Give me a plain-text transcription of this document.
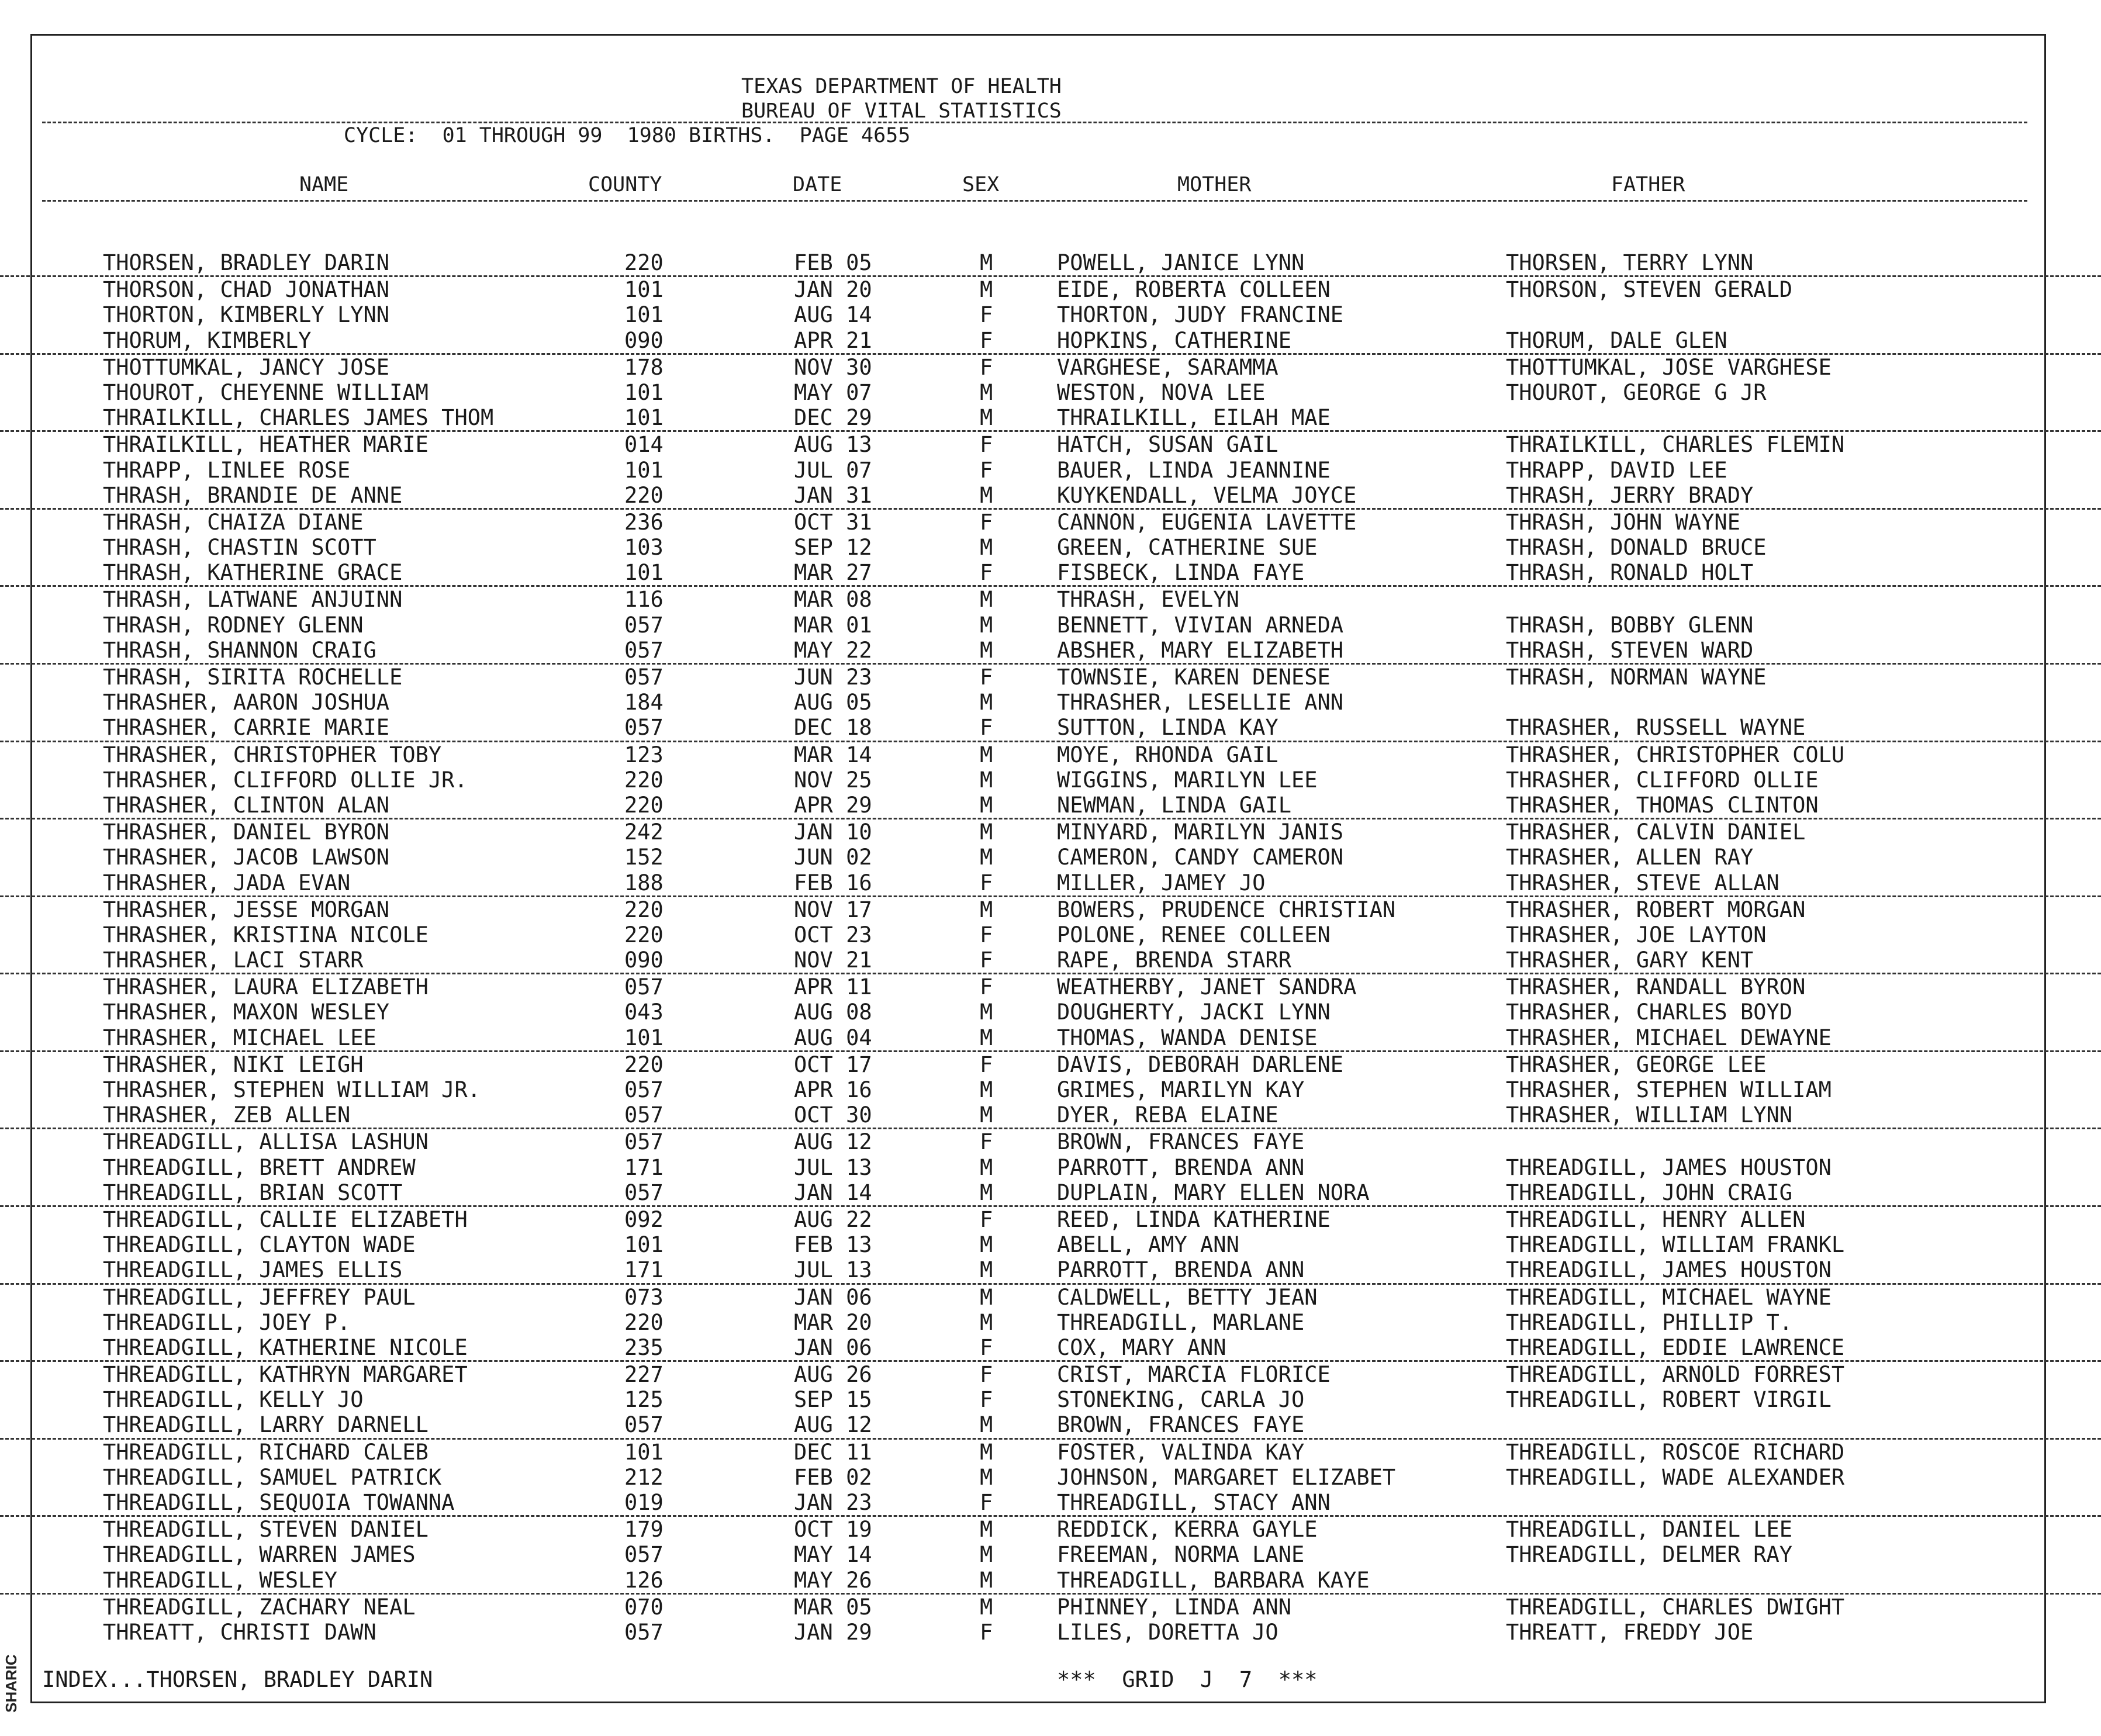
SHARIC
TEXAS DEPARTMENT OF HEALTH
BUREAU OF VITAL STATISTICS
CYCLE:  01 THROUGH 99  1980 BIRTHS.  PAGE 4655
NAME	COUNTY	DATE	SEX	MOTHER	FATHER
THORSEN, BRADLEY DARIN	220	FEB 05	M	POWELL, JANICE LYNN	THORSEN, TERRY LYNN
THORSON, CHAD JONATHAN	101	JAN 20	M	EIDE, ROBERTA COLLEEN	THORSON, STEVEN GERALD
THORTON, KIMBERLY LYNN	101	AUG 14	F	THORTON, JUDY FRANCINE
THORUM, KIMBERLY	090	APR 21	F	HOPKINS, CATHERINE	THORUM, DALE GLEN
THOTTUMKAL, JANCY JOSE	178	NOV 30	F	VARGHESE, SARAMMA	THOTTUMKAL, JOSE VARGHESE
THOUROT, CHEYENNE WILLIAM	101	MAY 07	M	WESTON, NOVA LEE	THOUROT, GEORGE G JR
THRAILKILL, CHARLES JAMES THOM	101	DEC 29	M	THRAILKILL, EILAH MAE
THRAILKILL, HEATHER MARIE	014	AUG 13	F	HATCH, SUSAN GAIL	THRAILKILL, CHARLES FLEMIN
THRAPP, LINLEE ROSE	101	JUL 07	F	BAUER, LINDA JEANNINE	THRAPP, DAVID LEE
THRASH, BRANDIE DE ANNE	220	JAN 31	M	KUYKENDALL, VELMA JOYCE	THRASH, JERRY BRADY
THRASH, CHAIZA DIANE	236	OCT 31	F	CANNON, EUGENIA LAVETTE	THRASH, JOHN WAYNE
THRASH, CHASTIN SCOTT	103	SEP 12	M	GREEN, CATHERINE SUE	THRASH, DONALD BRUCE
THRASH, KATHERINE GRACE	101	MAR 27	F	FISBECK, LINDA FAYE	THRASH, RONALD HOLT
THRASH, LATWANE ANJUINN	116	MAR 08	M	THRASH, EVELYN
THRASH, RODNEY GLENN	057	MAR 01	M	BENNETT, VIVIAN ARNEDA	THRASH, BOBBY GLENN
THRASH, SHANNON CRAIG	057	MAY 22	M	ABSHER, MARY ELIZABETH	THRASH, STEVEN WARD
THRASH, SIRITA ROCHELLE	057	JUN 23	F	TOWNSIE, KAREN DENESE	THRASH, NORMAN WAYNE
THRASHER, AARON JOSHUA	184	AUG 05	M	THRASHER, LESELLIE ANN
THRASHER, CARRIE MARIE	057	DEC 18	F	SUTTON, LINDA KAY	THRASHER, RUSSELL WAYNE
THRASHER, CHRISTOPHER TOBY	123	MAR 14	M	MOYE, RHONDA GAIL	THRASHER, CHRISTOPHER COLU
THRASHER, CLIFFORD OLLIE JR.	220	NOV 25	M	WIGGINS, MARILYN LEE	THRASHER, CLIFFORD OLLIE
THRASHER, CLINTON ALAN	220	APR 29	M	NEWMAN, LINDA GAIL	THRASHER, THOMAS CLINTON
THRASHER, DANIEL BYRON	242	JAN 10	M	MINYARD, MARILYN JANIS	THRASHER, CALVIN DANIEL
THRASHER, JACOB LAWSON	152	JUN 02	M	CAMERON, CANDY CAMERON	THRASHER, ALLEN RAY
THRASHER, JADA EVAN	188	FEB 16	F	MILLER, JAMEY JO	THRASHER, STEVE ALLAN
THRASHER, JESSE MORGAN	220	NOV 17	M	BOWERS, PRUDENCE CHRISTIAN	THRASHER, ROBERT MORGAN
THRASHER, KRISTINA NICOLE	220	OCT 23	F	POLONE, RENEE COLLEEN	THRASHER, JOE LAYTON
THRASHER, LACI STARR	090	NOV 21	F	RAPE, BRENDA STARR	THRASHER, GARY KENT
THRASHER, LAURA ELIZABETH	057	APR 11	F	WEATHERBY, JANET SANDRA	THRASHER, RANDALL BYRON
THRASHER, MAXON WESLEY	043	AUG 08	M	DOUGHERTY, JACKI LYNN	THRASHER, CHARLES BOYD
THRASHER, MICHAEL LEE	101	AUG 04	M	THOMAS, WANDA DENISE	THRASHER, MICHAEL DEWAYNE
THRASHER, NIKI LEIGH	220	OCT 17	F	DAVIS, DEBORAH DARLENE	THRASHER, GEORGE LEE
THRASHER, STEPHEN WILLIAM JR.	057	APR 16	M	GRIMES, MARILYN KAY	THRASHER, STEPHEN WILLIAM
THRASHER, ZEB ALLEN	057	OCT 30	M	DYER, REBA ELAINE	THRASHER, WILLIAM LYNN
THREADGILL, ALLISA LASHUN	057	AUG 12	F	BROWN, FRANCES FAYE
THREADGILL, BRETT ANDREW	171	JUL 13	M	PARROTT, BRENDA ANN	THREADGILL, JAMES HOUSTON
THREADGILL, BRIAN SCOTT	057	JAN 14	M	DUPLAIN, MARY ELLEN NORA	THREADGILL, JOHN CRAIG
THREADGILL, CALLIE ELIZABETH	092	AUG 22	F	REED, LINDA KATHERINE	THREADGILL, HENRY ALLEN
THREADGILL, CLAYTON WADE	101	FEB 13	M	ABELL, AMY ANN	THREADGILL, WILLIAM FRANKL
THREADGILL, JAMES ELLIS	171	JUL 13	M	PARROTT, BRENDA ANN	THREADGILL, JAMES HOUSTON
THREADGILL, JEFFREY PAUL	073	JAN 06	M	CALDWELL, BETTY JEAN	THREADGILL, MICHAEL WAYNE
THREADGILL, JOEY P.	220	MAR 20	M	THREADGILL, MARLANE	THREADGILL, PHILLIP T.
THREADGILL, KATHERINE NICOLE	235	JAN 06	F	COX, MARY ANN	THREADGILL, EDDIE LAWRENCE
THREADGILL, KATHRYN MARGARET	227	AUG 26	F	CRIST, MARCIA FLORICE	THREADGILL, ARNOLD FORREST
THREADGILL, KELLY JO	125	SEP 15	F	STONEKING, CARLA JO	THREADGILL, ROBERT VIRGIL
THREADGILL, LARRY DARNELL	057	AUG 12	M	BROWN, FRANCES FAYE
THREADGILL, RICHARD CALEB	101	DEC 11	M	FOSTER, VALINDA KAY	THREADGILL, ROSCOE RICHARD
THREADGILL, SAMUEL PATRICK	212	FEB 02	M	JOHNSON, MARGARET ELIZABET	THREADGILL, WADE ALEXANDER
THREADGILL, SEQUOIA TOWANNA	019	JAN 23	F	THREADGILL, STACY ANN
THREADGILL, STEVEN DANIEL	179	OCT 19	M	REDDICK, KERRA GAYLE	THREADGILL, DANIEL LEE
THREADGILL, WARREN JAMES	057	MAY 14	M	FREEMAN, NORMA LANE	THREADGILL, DELMER RAY
THREADGILL, WESLEY	126	MAY 26	M	THREADGILL, BARBARA KAYE
THREADGILL, ZACHARY NEAL	070	MAR 05	M	PHINNEY, LINDA ANN	THREADGILL, CHARLES DWIGHT
THREATT, CHRISTI DAWN	057	JAN 29	F	LILES, DORETTA JO	THREATT, FREDDY JOE
INDEX...THORSEN, BRADLEY DARIN	***  GRID  J  7  ***
